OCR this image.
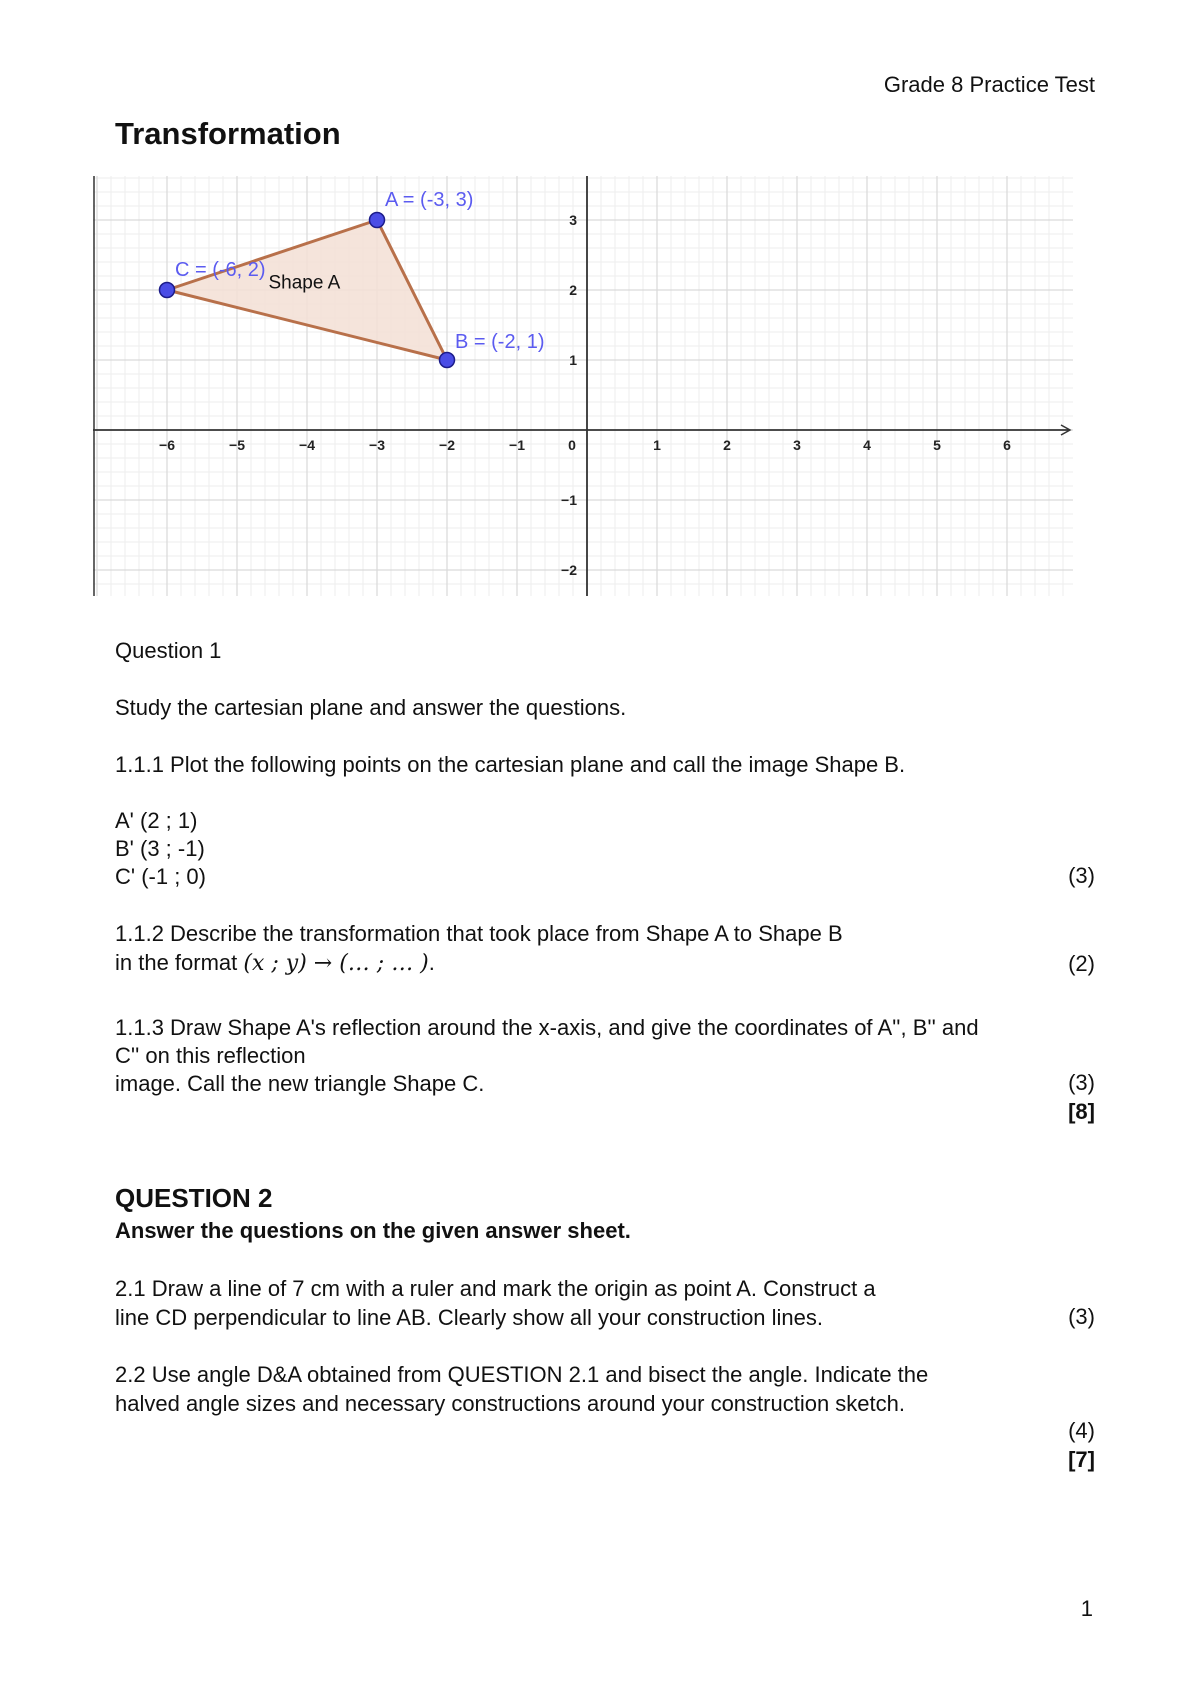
Grade 8 Practice Test
Transformation
−6	−5	−4	−3	−2	−1	0	1	2	3	4	5	6
−2
−1
1
2
3
Shape A
A = (-3, 3)
B = (-2, 1)
C = (-6, 2)
Question 1
Study the cartesian plane and answer the questions.
1.1.1 Plot the following points on the cartesian plane and call the image Shape B.
A' (2 ; 1)
B' (3 ; -1)
C' (-1 ; 0)	(3)
1.1.2 Describe the transformation that took place from Shape A to Shape B
in the format (x ; y) → (… ; … ).	(2)
1.1.3 Draw Shape A's reflection around the x-axis, and give the coordinates of A'', B'' and
C'' on this reflection
image. Call the new triangle Shape C.	(3)
[8]
QUESTION 2
Answer the questions on the given answer sheet.
2.1 Draw a line of 7 cm with a ruler and mark the origin as point A. Construct a
line CD perpendicular to line AB. Clearly show all your construction lines.	(3)
2.2 Use angle D&A obtained from QUESTION 2.1 and bisect the angle. Indicate the
halved angle sizes and necessary constructions around your construction sketch.
(4)
[7]
1
